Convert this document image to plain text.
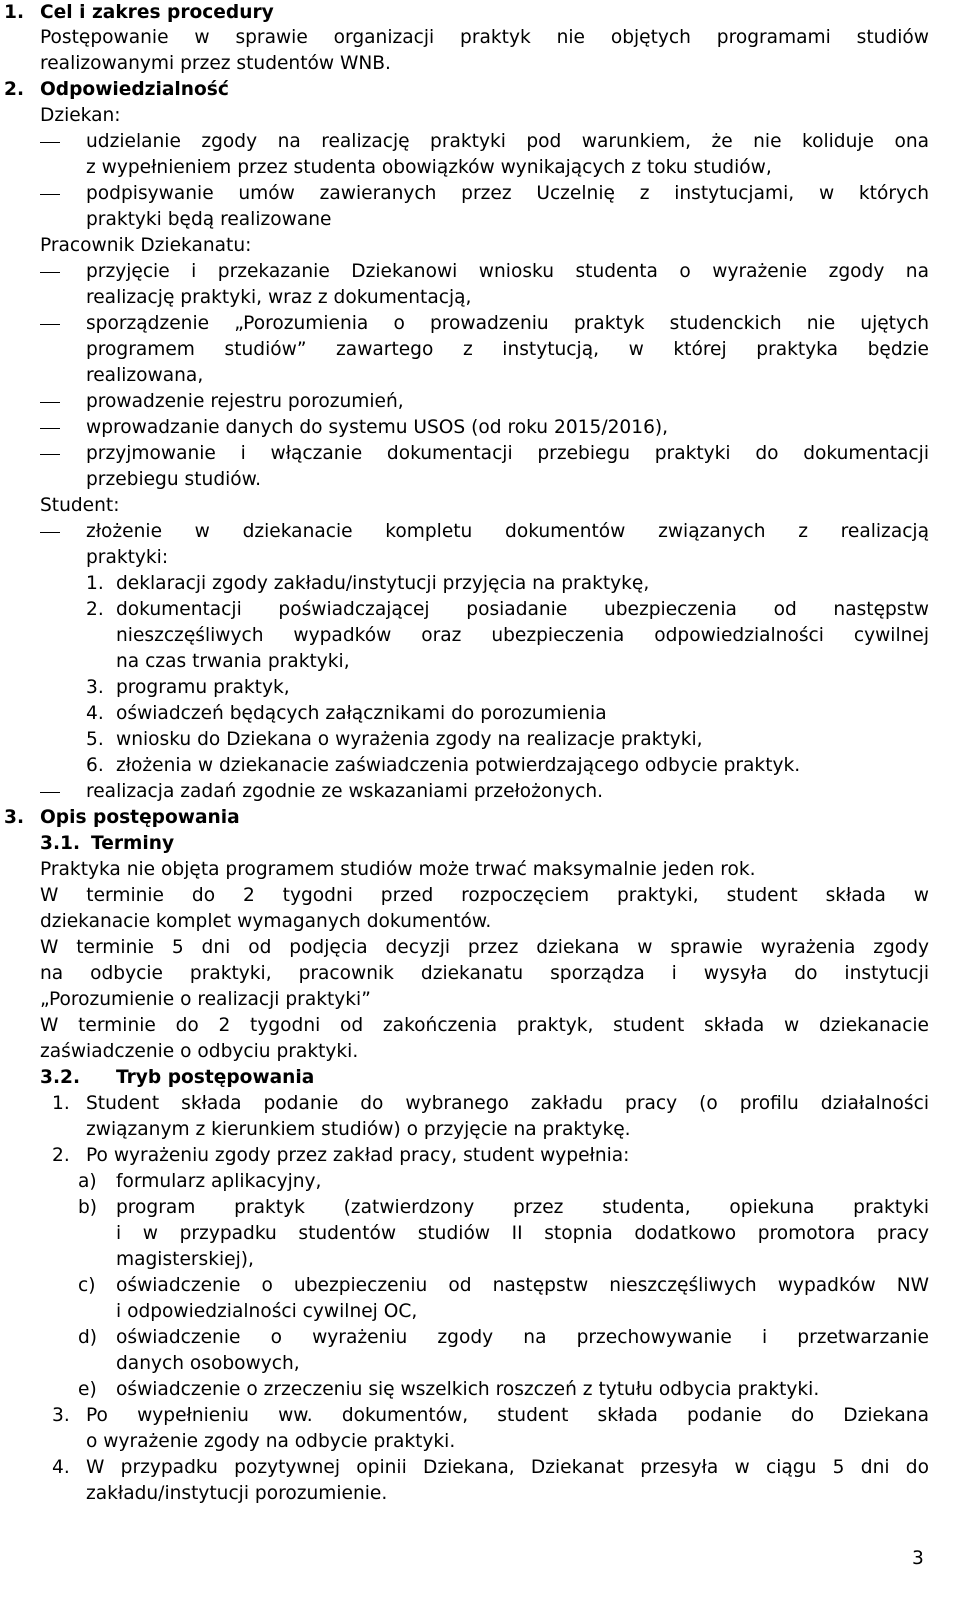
1. Cel i zakres procedury
Postępowanie w sprawie organizacji praktyk nie objętych programami studiów
realizowanymi przez studentów WNB.
2. Odpowiedzialność
Dziekan:
udzielanie zgody na realizację praktyki pod warunkiem, że nie koliduje ona
z wypełnieniem przez studenta obowiązków wynikających z toku studiów,
podpisywanie umów zawieranych przez Uczelnię z instytucjami, w których
praktyki będą realizowane
Pracownik Dziekanatu:
przyjęcie i przekazanie Dziekanowi wniosku studenta o wyrażenie zgody na
realizację praktyki, wraz z dokumentacją,
sporządzenie „Porozumienia o prowadzeniu praktyk studenckich nie ujętych
programem studiów” zawartego z instytucją, w której praktyka będzie
realizowana,
prowadzenie rejestru porozumień,
wprowadzanie danych do systemu USOS (od roku 2015/2016),
przyjmowanie i włączanie dokumentacji przebiegu praktyki do dokumentacji
przebiegu studiów.
Student:
złożenie w dziekanacie kompletu dokumentów związanych z realizacją
praktyki:
1. deklaracji zgody zakładu/instytucji przyjęcia na praktykę,
2. dokumentacji poświadczającej posiadanie ubezpieczenia od następstw
nieszczęśliwych wypadków oraz ubezpieczenia odpowiedzialności cywilnej
na czas trwania praktyki,
3. programu praktyk,
4. oświadczeń będących załącznikami do porozumienia
5. wniosku do Dziekana o wyrażenia zgody na realizacje praktyki,
6. złożenia w dziekanacie zaświadczenia potwierdzającego odbycie praktyk.
realizacja zadań zgodnie ze wskazaniami przełożonych.
3. Opis postępowania
3.1. Terminy
Praktyka nie objęta programem studiów może trwać maksymalnie jeden rok.
W terminie do 2 tygodni przed rozpoczęciem praktyki, student składa w
dziekanacie komplet wymaganych dokumentów.
W terminie 5 dni od podjęcia decyzji przez dziekana w sprawie wyrażenia zgody
na odbycie praktyki, pracownik dziekanatu sporządza i wysyła do instytucji
„Porozumienie o realizacji praktyki”
W terminie do 2 tygodni od zakończenia praktyk, student składa w dziekanacie
zaświadczenie o odbyciu praktyki.
3.2. Tryb postępowania
1. Student składa podanie do wybranego zakładu pracy (o profilu działalności
związanym z kierunkiem studiów) o przyjęcie na praktykę.
2. Po wyrażeniu zgody przez zakład pracy, student wypełnia:
a) formularz aplikacyjny,
b) program praktyk (zatwierdzony przez studenta, opiekuna praktyki
i w przypadku studentów studiów II stopnia dodatkowo promotora pracy
magisterskiej),
c) oświadczenie o ubezpieczeniu od następstw nieszczęśliwych wypadków NW
i odpowiedzialności cywilnej OC,
d) oświadczenie o wyrażeniu zgody na przechowywanie i przetwarzanie
danych osobowych,
e) oświadczenie o zrzeczeniu się wszelkich roszczeń z tytułu odbycia praktyki.
3. Po wypełnieniu ww. dokumentów, student składa podanie do Dziekana
o wyrażenie zgody na odbycie praktyki.
4. W przypadku pozytywnej opinii Dziekana, Dziekanat przesyła w ciągu 5 dni do
zakładu/instytucji porozumienie.
3
